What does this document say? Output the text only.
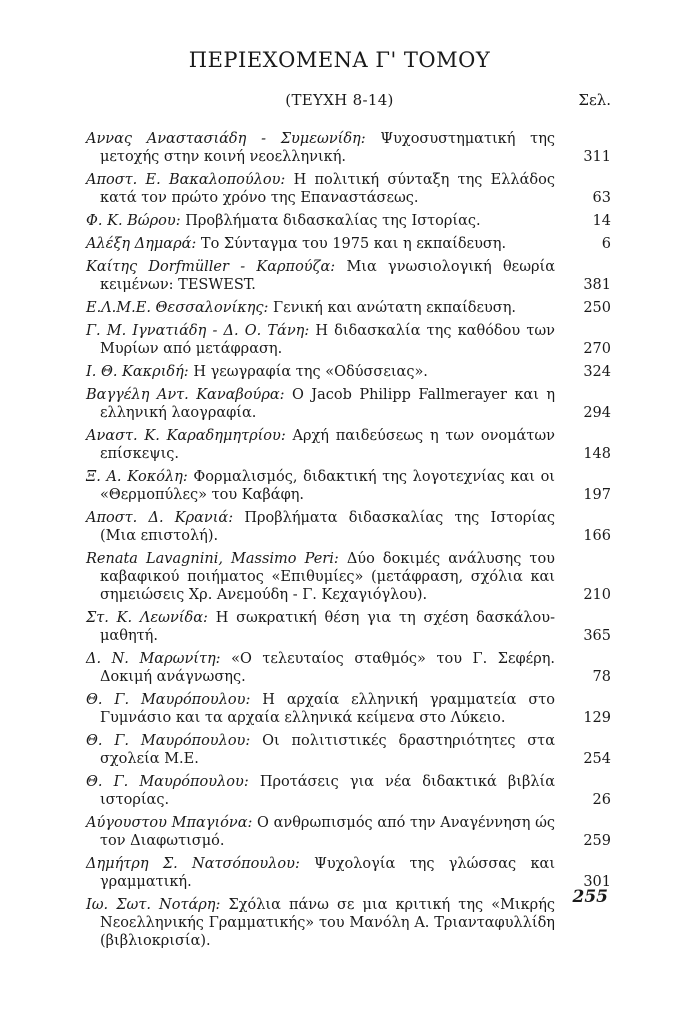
ΠΕΡΙΕΧΟΜΕΝΑ Γ' ΤΟΜΟΥ
(ΤΕΥΧΗ 8-14)	Σελ.
Αννας Αναστασιάδη - Συμεωνίδη: Ψυχοσυστηματική της μετοχής στην κοινή νεοελληνική.	311
Αποστ. Ε. Βακαλοπούλου: Η πολιτική σύνταξη της Ελλάδος κατά τον πρώτο χρόνο της Επαναστάσεως.	63
Φ. Κ. Βώρου: Προβλήματα διδασκαλίας της Ιστορίας.	14
Αλέξη Δημαρά: Το Σύνταγμα του 1975 και η εκπαίδευση.	6
Καίτης Dorfmüller - Καρπούζα: Μια γνωσιολογική θεωρία κειμένων: TESWEST.	381
Ε.Λ.Μ.Ε. Θεσσαλονίκης: Γενική και ανώτατη εκπαίδευση.	250
Γ. Μ. Ιγνατιάδη - Δ. Ο. Τάνη: Η διδασκαλία της καθόδου των Μυρίων από μετάφραση.	270
Ι. Θ. Κακριδή: Η γεωγραφία της «Οδύσσειας».	324
Βαγγέλη Αντ. Καναβούρα: Ο Jacob Philipp Fallmerayer και η ελληνική λαογραφία.	294
Αναστ. Κ. Καραδημητρίου: Αρχή παιδεύσεως η των ονομάτων επίσκεψις.	148
Ξ. Α. Κοκόλη: Φορμαλισμός, διδακτική της λογοτεχνίας και οι «Θερμοπύλες» του Καβάφη.	197
Αποστ. Δ. Κρανιά: Προβλήματα διδασκαλίας της Ιστορίας (Μια επιστολή).	166
Renata Lavagnini, Massimo Peri: Δύο δοκιμές ανάλυσης του καβαφικού ποιήματος «Επιθυμίες» (μετάφραση, σχόλια και σημειώσεις Χρ. Ανεμούδη - Γ. Κεχαγιόγλου).	210
Στ. Κ. Λεωνίδα: Η σωκρατική θέση για τη σχέση δασκάλου-μαθητή.	365
Δ. Ν. Μαρωνίτη: «Ο τελευταίος σταθμός» του Γ. Σεφέρη. Δοκιμή ανάγνωσης.	78
Θ. Γ. Μαυρόπουλου: Η αρχαία ελληνική γραμματεία στο Γυμνάσιο και τα αρχαία ελληνικά κείμενα στο Λύκειο.	129
Θ. Γ. Μαυρόπουλου: Οι πολιτιστικές δραστηριότητες στα σχολεία Μ.Ε.	254
Θ. Γ. Μαυρόπουλου: Προτάσεις για νέα διδακτικά βιβλία ιστορίας.	26
Αύγουστου Μπαγιόνα: Ο ανθρωπισμός από την Αναγέννηση ώς τον Διαφωτισμό.	259
Δημήτρη Σ. Νατσόπουλου: Ψυχολογία της γλώσσας και γραμματική.	301
Ιω. Σωτ. Νοτάρη: Σχόλια πάνω σε μια κριτική της «Μικρής Νεοελληνικής Γραμματικής» του Μανόλη Α. Τριανταφυλλίδη (βιβλιοκρισία).
255
